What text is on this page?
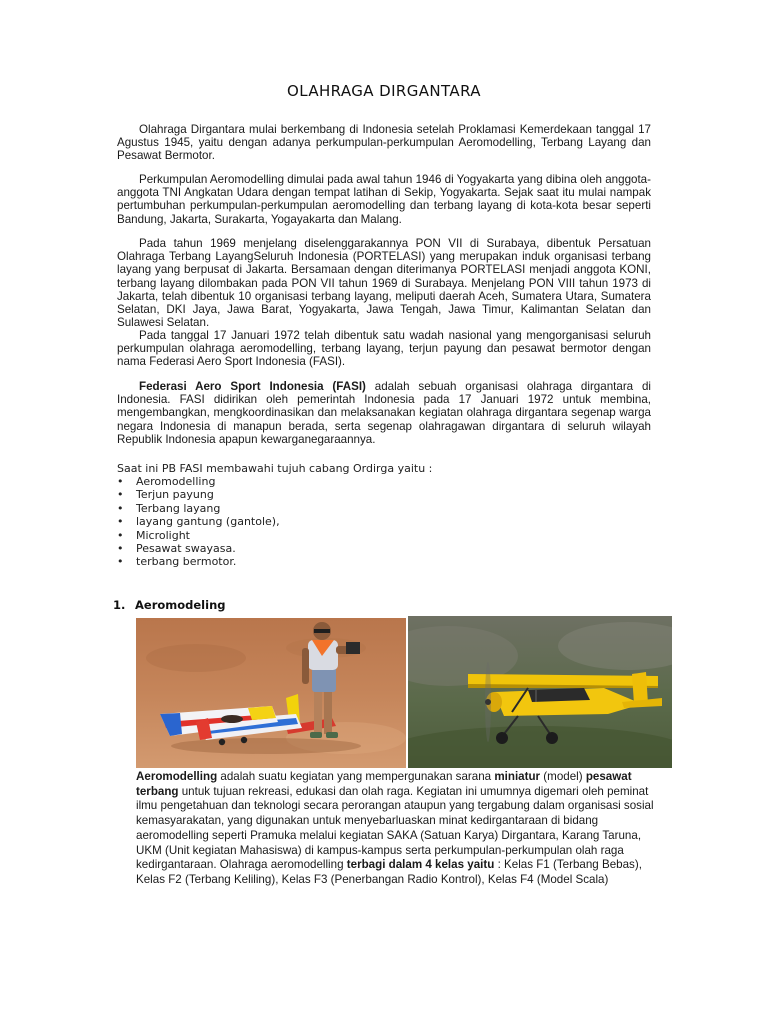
OLAHRAGA DIRGANTARA

Olahraga Dirgantara mulai berkembang di Indonesia setelah Proklamasi Kemerdekaan tanggal 17 Agustus 1945, yaitu dengan adanya perkumpulan-perkumpulan Aeromodelling, Terbang Layang dan Pesawat Bermotor.

Perkumpulan Aeromodelling dimulai pada awal tahun 1946 di Yogyakarta yang dibina oleh anggota-anggota TNI Angkatan Udara dengan tempat latihan di Sekip, Yogyakarta. Sejak saat itu mulai nampak pertumbuhan perkumpulan-perkumpulan aeromodelling dan terbang layang di kota-kota besar seperti Bandung, Jakarta, Surakarta, Yogayakarta dan Malang.

Pada tahun 1969 menjelang diselenggarakannya PON VII di Surabaya, dibentuk Persatuan Olahraga Terbang LayangSeluruh Indonesia (PORTELASI) yang merupakan induk organisasi terbang layang yang berpusat di Jakarta. Bersamaan dengan diterimanya PORTELASI menjadi anggota KONI, terbang layang dilombakan pada PON VII tahun 1969 di Surabaya. Menjelang PON VIII tahun 1973 di Jakarta, telah dibentuk 10 organisasi terbang layang, meliputi daerah Aceh, Sumatera Utara, Sumatera Selatan, DKI Jaya, Jawa Barat, Yogyakarta, Jawa Tengah, Jawa Timur, Kalimantan Selatan dan Sulawesi Selatan.

Pada tanggal 17 Januari 1972 telah dibentuk satu wadah nasional yang mengorganisasi seluruh perkumpulan olahraga aeromodelling, terbang layang, terjun payung dan pesawat bermotor dengan nama Federasi Aero Sport Indonesia (FASI).

Federasi Aero Sport Indonesia (FASI) adalah sebuah organisasi olahraga dirgantara di Indonesia. FASI didirikan oleh pemerintah Indonesia pada 17 Januari 1972 untuk membina, mengembangkan, mengkoordinasikan dan melaksanakan kegiatan olahraga dirgantara segenap warga negara Indonesia di manapun berada, serta segenap olahragawan dirgantara di seluruh wilayah Republik Indonesia apapun kewarganegaraannya.

Saat ini PB FASI membawahi tujuh cabang Ordirga yaitu :

• Aeromodelling
• Terjun payung
• Terbang layang
• layang gantung (gantole),
• Microlight
• Pesawat swayasa.
• terbang bermotor.

1. Aeromodeling

Aeromodelling adalah suatu kegiatan yang mempergunakan sarana miniatur (model) pesawat terbang untuk tujuan rekreasi, edukasi dan olah raga. Kegiatan ini umumnya digemari oleh peminat ilmu pengetahuan dan teknologi secara perorangan ataupun yang tergabung dalam organisasi sosial kemasyarakatan, yang digunakan untuk menyebarluaskan minat kedirgantaraan di bidang aeromodelling seperti Pramuka melalui kegiatan SAKA (Satuan Karya) Dirgantara, Karang Taruna, UKM (Unit kegiatan Mahasiswa) di kampus-kampus serta perkumpulan-perkumpulan olah raga kedirgantaraan. Olahraga aeromodelling terbagi dalam 4 kelas yaitu : Kelas F1 (Terbang Bebas), Kelas F2 (Terbang Keliling), Kelas F3 (Penerbangan Radio Kontrol), Kelas F4 (Model Scala)
